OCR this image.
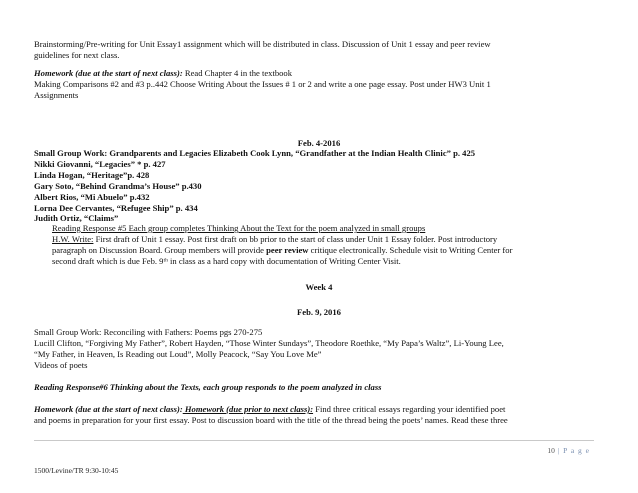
Brainstorming/Pre-writing for Unit Essay1 assignment which will be distributed in class. Discussion of Unit 1 essay and peer review
guidelines for next class.
Homework (due at the start of next class): Read Chapter 4 in the textbook
Making Comparisons #2 and #3 p..442 Choose Writing About the Issues # 1 or 2 and write a one page essay. Post under HW3 Unit 1
Assignments
Feb. 4-2016
Small Group Work: Grandparents and Legacies Elizabeth Cook Lynn, “Grandfather at the Indian Health Clinic” p. 425
Nikki Giovanni, “Legacies” * p. 427
Linda Hogan, “Heritage”p. 428
Gary Soto, “Behind Grandma’s House” p.430
Albert Rios, “Mi Abuelo” p.432
Lorna Dee Cervantes, “Refugee Ship” p. 434
Judith Ortiz, “Claims”
Reading Response #5 Each group completes Thinking About the Text for the poem analyzed in small groups
H.W. Write: First draft of Unit 1 essay. Post first draft on bb prior to the start of class under Unit 1 Essay folder. Post introductory
paragraph on Discussion Board. Group members will provide peer review critique electronically. Schedule visit to Writing Center for
second draft which is due Feb. 9ᵗʰ in class as a hard copy with documentation of Writing Center Visit.
Week 4
Feb. 9, 2016
Small Group Work: Reconciling with Fathers: Poems pgs 270-275
Lucill Clifton, “Forgiving My Father”, Robert Hayden, “Those Winter Sundays”, Theodore Roethke, “My Papa’s Waltz”, Li-Young Lee,
“My Father, in Heaven, Is Reading out Loud”, Molly Peacock, “Say You Love Me”
Videos of poets
Reading Response#6 Thinking about the Texts, each group responds to the poem analyzed in class
Homework (due at the start of next class): Homework (due prior to next class): Find three critical essays regarding your identified poet
and poems in preparation for your first essay. Post to discussion board with the title of the thread being the poets’ names. Read these three
10 | P a g e
1500/Levine/TR 9:30-10:45
